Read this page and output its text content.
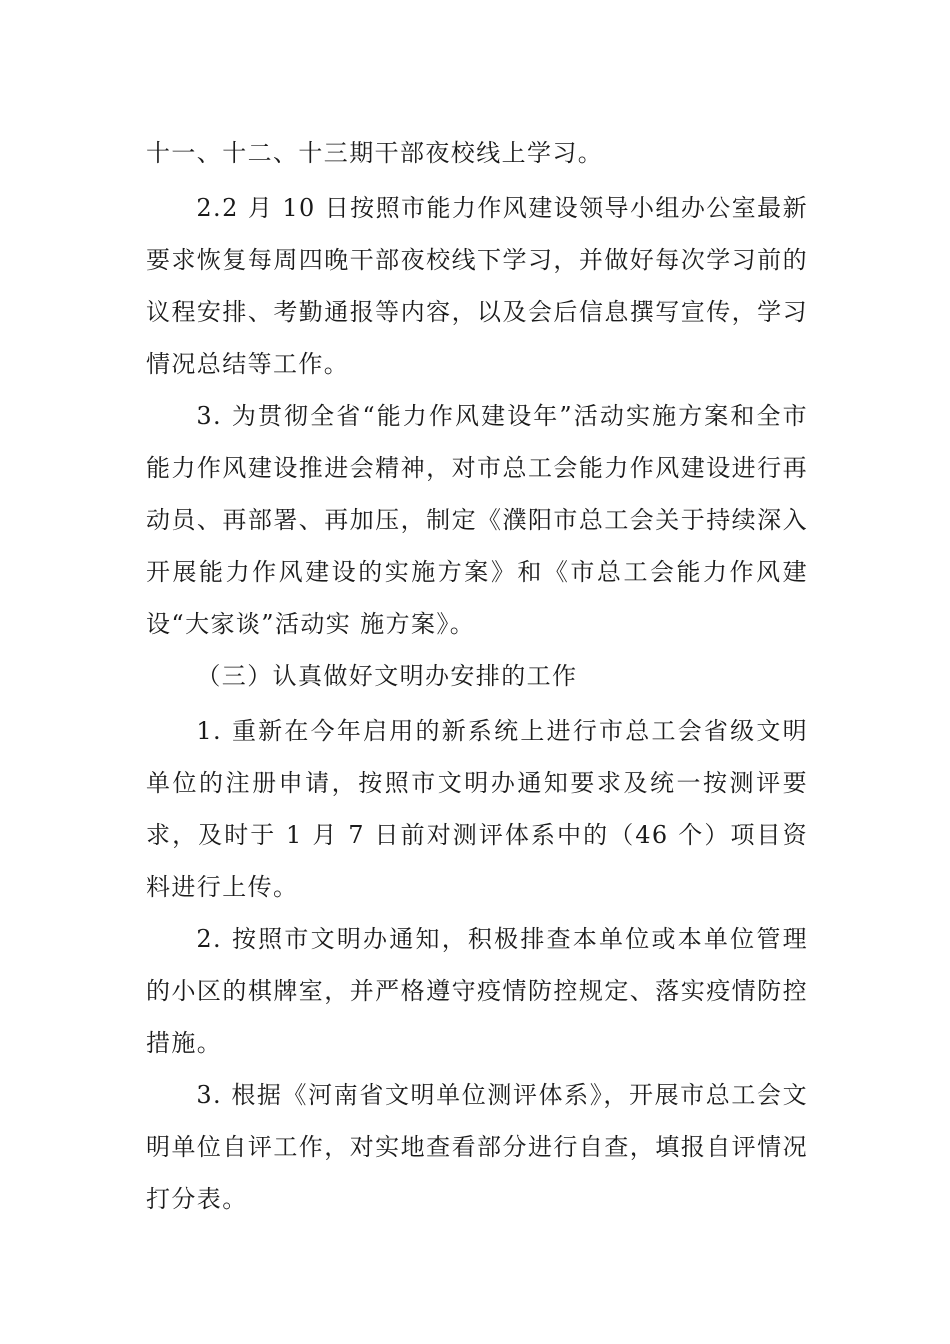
十一、十二、十三期干部夜校线上学习。

2.2 月 10 日按照市能力作风建设领导小组办公室最新要求恢复每周四晚干部夜校线下学习，并做好每次学习前的议程安排、考勤通报等内容，以及会后信息撰写宣传，学习情况总结等工作。

3. 为贯彻全省“能力作风建设年”活动实施方案和全市能力作风建设推进会精神，对市总工会能力作风建设进行再动员、再部署、再加压，制定《濮阳市总工会关于持续深入开展能力作风建设的实施方案》和《市总工会能力作风建设“大家谈”活动实 施方案》。

（三）认真做好文明办安排的工作

1. 重新在今年启用的新系统上进行市总工会省级文明单位的注册申请，按照市文明办通知要求及统一按测评要求，及时于 1 月 7 日前对测评体系中的（46 个）项目资料进行上传。

2. 按照市文明办通知，积极排查本单位或本单位管理的小区的棋牌室，并严格遵守疫情防控规定、落实疫情防控措施。

3. 根据《河南省文明单位测评体系》，开展市总工会文明单位自评工作，对实地查看部分进行自查，填报自评情况打分表。
